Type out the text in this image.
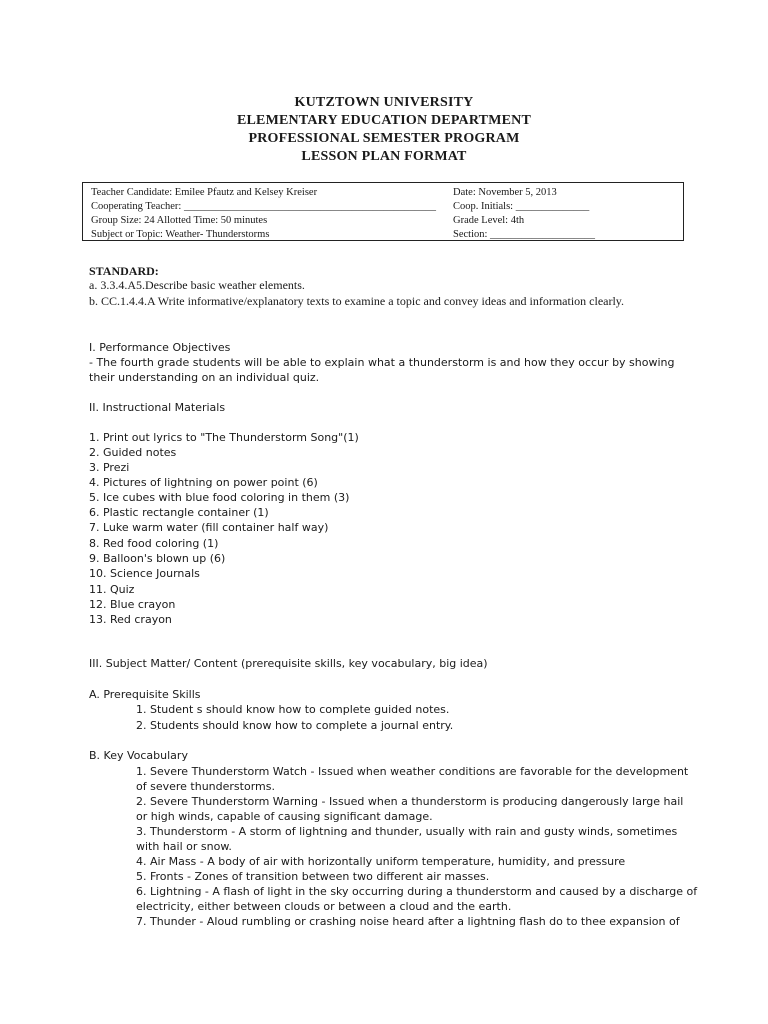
KUTZTOWN UNIVERSITY
ELEMENTARY EDUCATION DEPARTMENT
PROFESSIONAL SEMESTER PROGRAM
LESSON PLAN FORMAT
Teacher Candidate: Emilee Pfautz and Kelsey Kreiser
Cooperating Teacher: ________________________________________________
Group Size: 24 Allotted Time: 50 minutes
Subject or Topic: Weather- Thunderstorms
Date: November 5, 2013
Coop. Initials: ______________
Grade Level: 4th
Section: ____________________
STANDARD:
a. 3.3.4.A5.Describe basic weather elements.
b. CC.1.4.4.A Write informative/explanatory texts to examine a topic and convey ideas and information clearly.
I. Performance Objectives
- The fourth grade students will be able to explain what a thunderstorm is and how they occur by showing
their understanding on an individual quiz.
II. Instructional Materials
1. Print out lyrics to "The Thunderstorm Song"(1)
2. Guided notes
3. Prezi
4. Pictures of lightning on power point (6)
5. Ice cubes with blue food coloring in them (3)
6. Plastic rectangle container (1)
7. Luke warm water (fill container half way)
8. Red food coloring (1)
9. Balloon's blown up (6)
10. Science Journals
11. Quiz
12. Blue crayon
13. Red crayon
III. Subject Matter/ Content (prerequisite skills, key vocabulary, big idea)
A. Prerequisite Skills
1. Student s should know how to complete guided notes.
2. Students should know how to complete a journal entry.
B. Key Vocabulary
1. Severe Thunderstorm Watch - Issued when weather conditions are favorable for the development
of severe thunderstorms.
2. Severe Thunderstorm Warning - Issued when a thunderstorm is producing dangerously large hail
or high winds, capable of causing significant damage.
3. Thunderstorm - A storm of lightning and thunder, usually with rain and gusty winds, sometimes
with hail or snow.
4. Air Mass - A body of air with horizontally uniform temperature, humidity, and pressure
5. Fronts - Zones of transition between two different air masses.
6. Lightning - A flash of light in the sky occurring during a thunderstorm and caused by a discharge of
electricity, either between clouds or between a cloud and the earth.
7. Thunder - Aloud rumbling or crashing noise heard after a lightning flash do to thee expansion of
